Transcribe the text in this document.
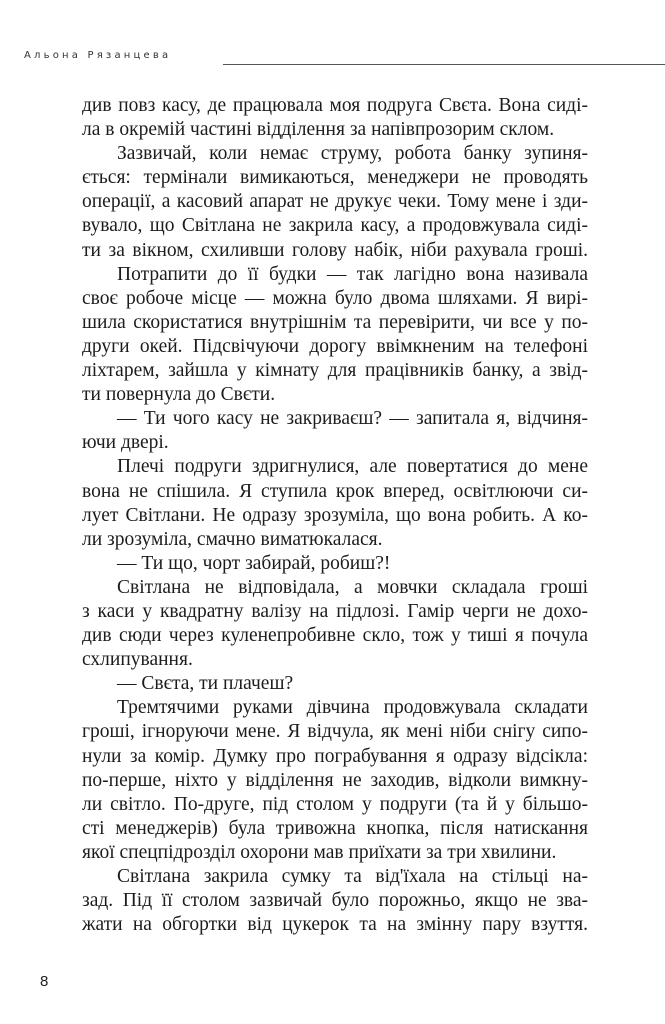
Альона Рязанцева
див повз касу, де працювала моя подруга Свєта. Вона сиді-
ла в окремій частині відділення за напівпрозорим склом.
Зазвичай, коли немає струму, робота банку зупиня-
ється: термінали вимикаються, менеджери не проводять
операції, а касовий апарат не друкує чеки. Тому мене і зди-
вувало, що Світлана не закрила касу, а продовжувала сиді-
ти за вікном, схиливши голову набік, ніби рахувала гроші.
Потрапити до її будки — так лагідно вона називала
своє робоче місце — можна було двома шляхами. Я вирі-
шила скористатися внутрішнім та перевірити, чи все у по-
други окей. Підсвічуючи дорогу ввімкненим на телефоні
ліхтарем, зайшла у кімнату для працівників банку, а звід-
ти повернула до Свєти.
— Ти чого касу не закриваєш? — запитала я, відчиня-
ючи двері.
Плечі подруги здригнулися, але повертатися до мене
вона не спішила. Я ступила крок вперед, освітлюючи си-
лует Світлани. Не одразу зрозуміла, що вона робить. А ко-
ли зрозуміла, смачно виматюкалася.
— Ти що, чорт забирай, робиш?!
Світлана не відповідала, а мовчки складала гроші
з каси у квадратну валізу на підлозі. Гамір черги не дохо-
див сюди через куленепробивне скло, тож у тиші я почула
схлипування.
— Свєта, ти плачеш?
Тремтячими руками дівчина продовжувала складати
гроші, ігноруючи мене. Я відчула, як мені ніби снігу сипо-
нули за комір. Думку про пограбування я одразу відсікла:
по-перше, ніхто у відділення не заходив, відколи вимкну-
ли світло. По-друге, під столом у подруги (та й у більшо-
сті менеджерів) була тривожна кнопка, після натискання
якої спецпідрозділ охорони мав приїхати за три хвилини.
Світлана закрила сумку та від'їхала на стільці на-
зад. Під її столом зазвичай було порожньо, якщо не зва-
жати на обгортки від цукерок та на змінну пару взуття.
8
